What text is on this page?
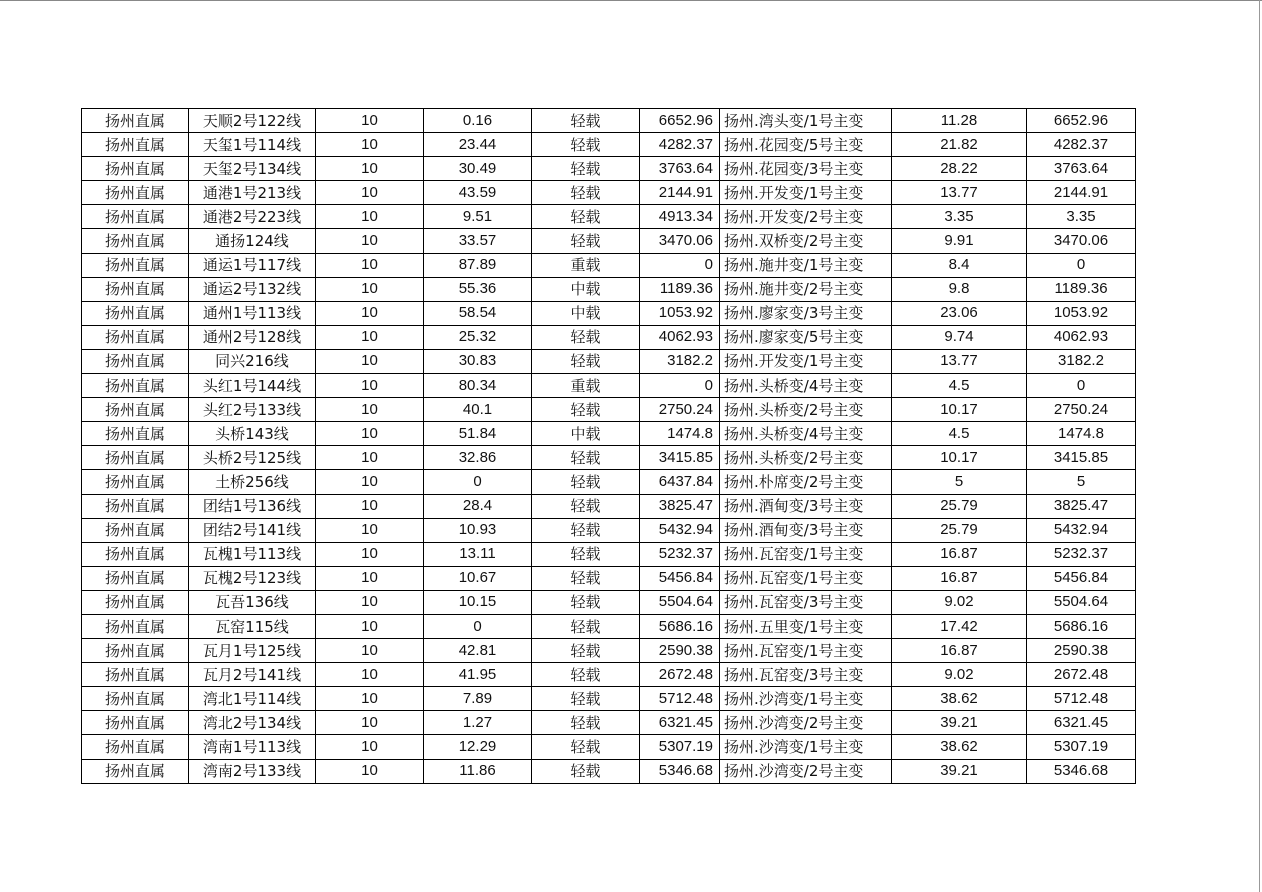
扬州直属	天顺2号122线	10	0.16	轻载	6652.96	扬州.湾头变/1号主变	11.28	6652.96
扬州直属	天玺1号114线	10	23.44	轻载	4282.37	扬州.花园变/5号主变	21.82	4282.37
扬州直属	天玺2号134线	10	30.49	轻载	3763.64	扬州.花园变/3号主变	28.22	3763.64
扬州直属	通港1号213线	10	43.59	轻载	2144.91	扬州.开发变/1号主变	13.77	2144.91
扬州直属	通港2号223线	10	9.51	轻载	4913.34	扬州.开发变/2号主变	3.35	3.35
扬州直属	通扬124线	10	33.57	轻载	3470.06	扬州.双桥变/2号主变	9.91	3470.06
扬州直属	通运1号117线	10	87.89	重载	0	扬州.施井变/1号主变	8.4	0
扬州直属	通运2号132线	10	55.36	中载	1189.36	扬州.施井变/2号主变	9.8	1189.36
扬州直属	通州1号113线	10	58.54	中载	1053.92	扬州.廖家变/3号主变	23.06	1053.92
扬州直属	通州2号128线	10	25.32	轻载	4062.93	扬州.廖家变/5号主变	9.74	4062.93
扬州直属	同兴216线	10	30.83	轻载	3182.2	扬州.开发变/1号主变	13.77	3182.2
扬州直属	头红1号144线	10	80.34	重载	0	扬州.头桥变/4号主变	4.5	0
扬州直属	头红2号133线	10	40.1	轻载	2750.24	扬州.头桥变/2号主变	10.17	2750.24
扬州直属	头桥143线	10	51.84	中载	1474.8	扬州.头桥变/4号主变	4.5	1474.8
扬州直属	头桥2号125线	10	32.86	轻载	3415.85	扬州.头桥变/2号主变	10.17	3415.85
扬州直属	土桥256线	10	0	轻载	6437.84	扬州.朴席变/2号主变	5	5
扬州直属	团结1号136线	10	28.4	轻载	3825.47	扬州.酒甸变/3号主变	25.79	3825.47
扬州直属	团结2号141线	10	10.93	轻载	5432.94	扬州.酒甸变/3号主变	25.79	5432.94
扬州直属	瓦槐1号113线	10	13.11	轻载	5232.37	扬州.瓦窑变/1号主变	16.87	5232.37
扬州直属	瓦槐2号123线	10	10.67	轻载	5456.84	扬州.瓦窑变/1号主变	16.87	5456.84
扬州直属	瓦吾136线	10	10.15	轻载	5504.64	扬州.瓦窑变/3号主变	9.02	5504.64
扬州直属	瓦窑115线	10	0	轻载	5686.16	扬州.五里变/1号主变	17.42	5686.16
扬州直属	瓦月1号125线	10	42.81	轻载	2590.38	扬州.瓦窑变/1号主变	16.87	2590.38
扬州直属	瓦月2号141线	10	41.95	轻载	2672.48	扬州.瓦窑变/3号主变	9.02	2672.48
扬州直属	湾北1号114线	10	7.89	轻载	5712.48	扬州.沙湾变/1号主变	38.62	5712.48
扬州直属	湾北2号134线	10	1.27	轻载	6321.45	扬州.沙湾变/2号主变	39.21	6321.45
扬州直属	湾南1号113线	10	12.29	轻载	5307.19	扬州.沙湾变/1号主变	38.62	5307.19
扬州直属	湾南2号133线	10	11.86	轻载	5346.68	扬州.沙湾变/2号主变	39.21	5346.68
